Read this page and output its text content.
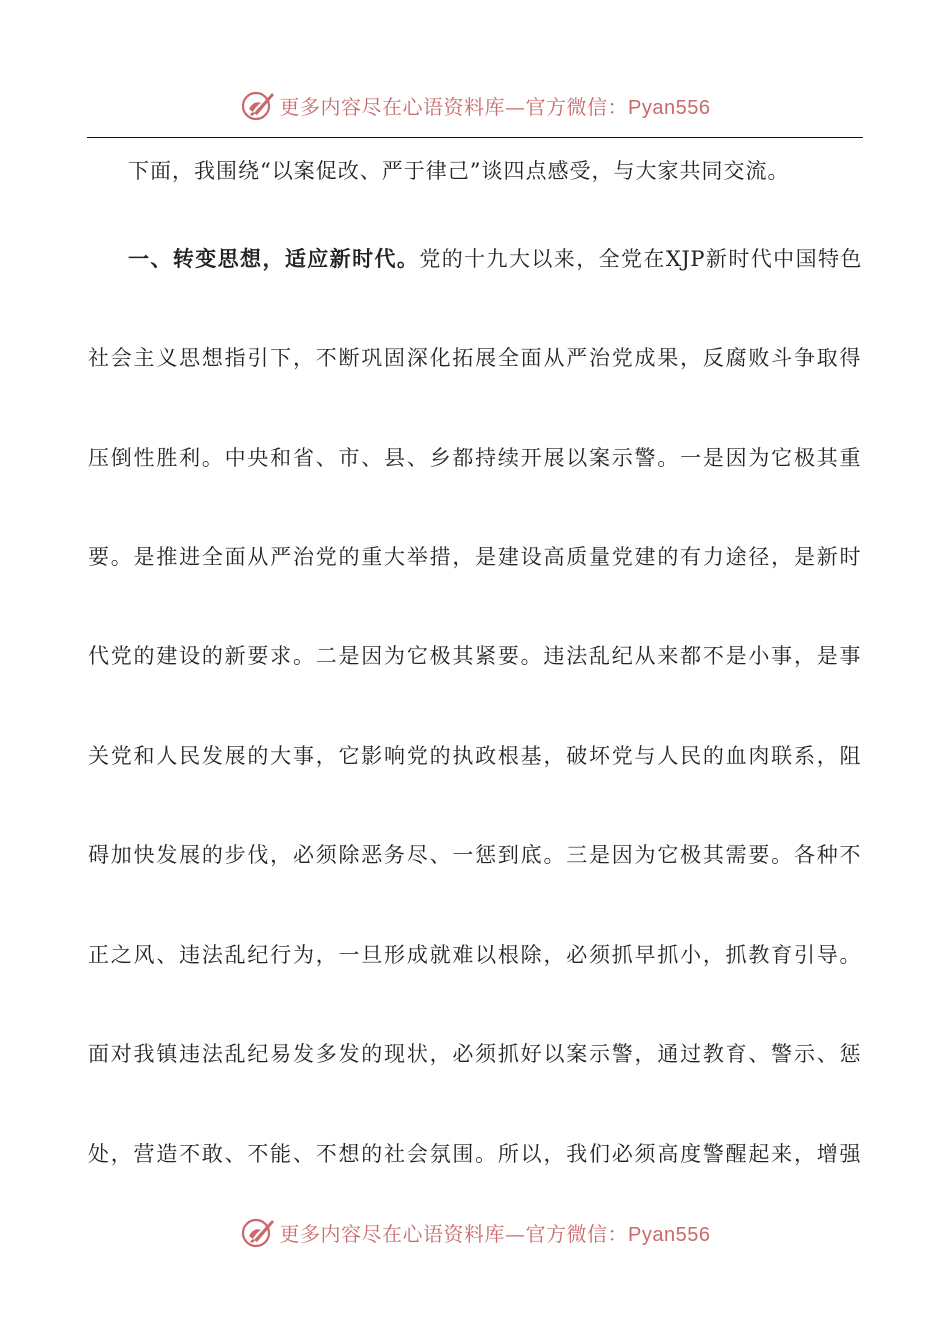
更多内容尽在心语资料库—官方微信：Pyan556
下面，我围绕“以案促改、严于律己”谈四点感受，与大家共同交流。
一、转变思想，适应新时代。党的十九大以来，全党在XJP新时代中国特色
社会主义思想指引下，不断巩固深化拓展全面从严治党成果，反腐败斗争取得
压倒性胜利。中央和省、市、县、乡都持续开展以案示警。一是因为它极其重
要。是推进全面从严治党的重大举措，是建设高质量党建的有力途径，是新时
代党的建设的新要求。二是因为它极其紧要。违法乱纪从来都不是小事，是事
关党和人民发展的大事，它影响党的执政根基，破坏党与人民的血肉联系，阻
碍加快发展的步伐，必须除恶务尽、一惩到底。三是因为它极其需要。各种不
正之风、违法乱纪行为，一旦形成就难以根除，必须抓早抓小，抓教育引导。
面对我镇违法乱纪易发多发的现状，必须抓好以案示警，通过教育、警示、惩
处，营造不敢、不能、不想的社会氛围。所以，我们必须高度警醒起来，增强
更多内容尽在心语资料库—官方微信：Pyan556
